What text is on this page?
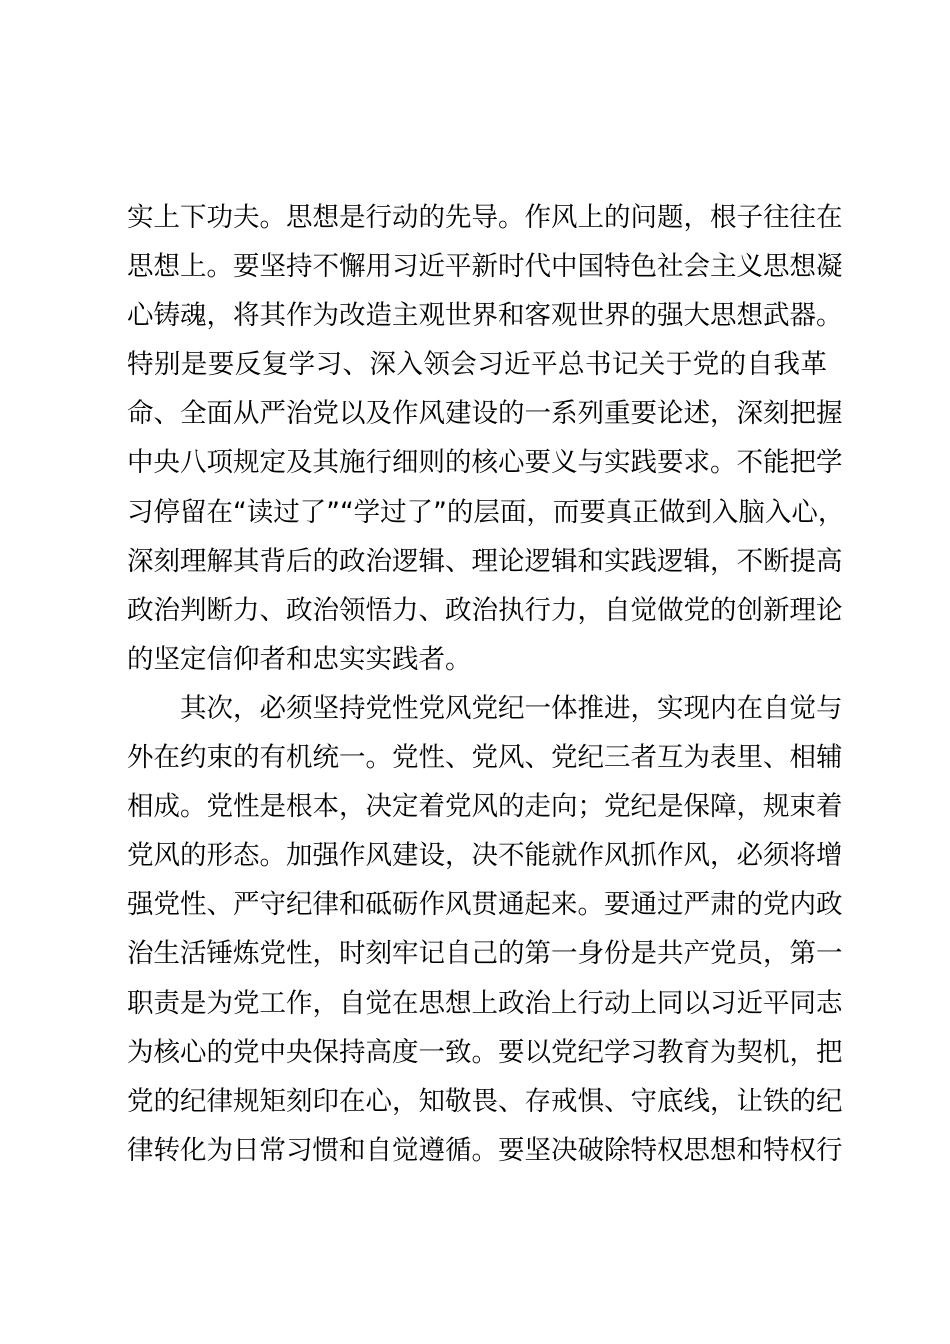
实上下功夫。思想是行动的先导。作风上的问题，根子往往在
思想上。要坚持不懈用习近平新时代中国特色社会主义思想凝
心铸魂，将其作为改造主观世界和客观世界的强大思想武器。
特别是要反复学习、深入领会习近平总书记关于党的自我革
命、全面从严治党以及作风建设的一系列重要论述，深刻把握
中央八项规定及其施行细则的核心要义与实践要求。不能把学
习停留在“读过了”“学过了”的层面，而要真正做到入脑入心，
深刻理解其背后的政治逻辑、理论逻辑和实践逻辑，不断提高
政治判断力、政治领悟力、政治执行力，自觉做党的创新理论
的坚定信仰者和忠实实践者。
其次，必须坚持党性党风党纪一体推进，实现内在自觉与
外在约束的有机统一。党性、党风、党纪三者互为表里、相辅
相成。党性是根本，决定着党风的走向；党纪是保障，规束着
党风的形态。加强作风建设，决不能就作风抓作风，必须将增
强党性、严守纪律和砥砺作风贯通起来。要通过严肃的党内政
治生活锤炼党性，时刻牢记自己的第一身份是共产党员，第一
职责是为党工作，自觉在思想上政治上行动上同以习近平同志
为核心的党中央保持高度一致。要以党纪学习教育为契机，把
党的纪律规矩刻印在心，知敬畏、存戒惧、守底线，让铁的纪
律转化为日常习惯和自觉遵循。要坚决破除特权思想和特权行
